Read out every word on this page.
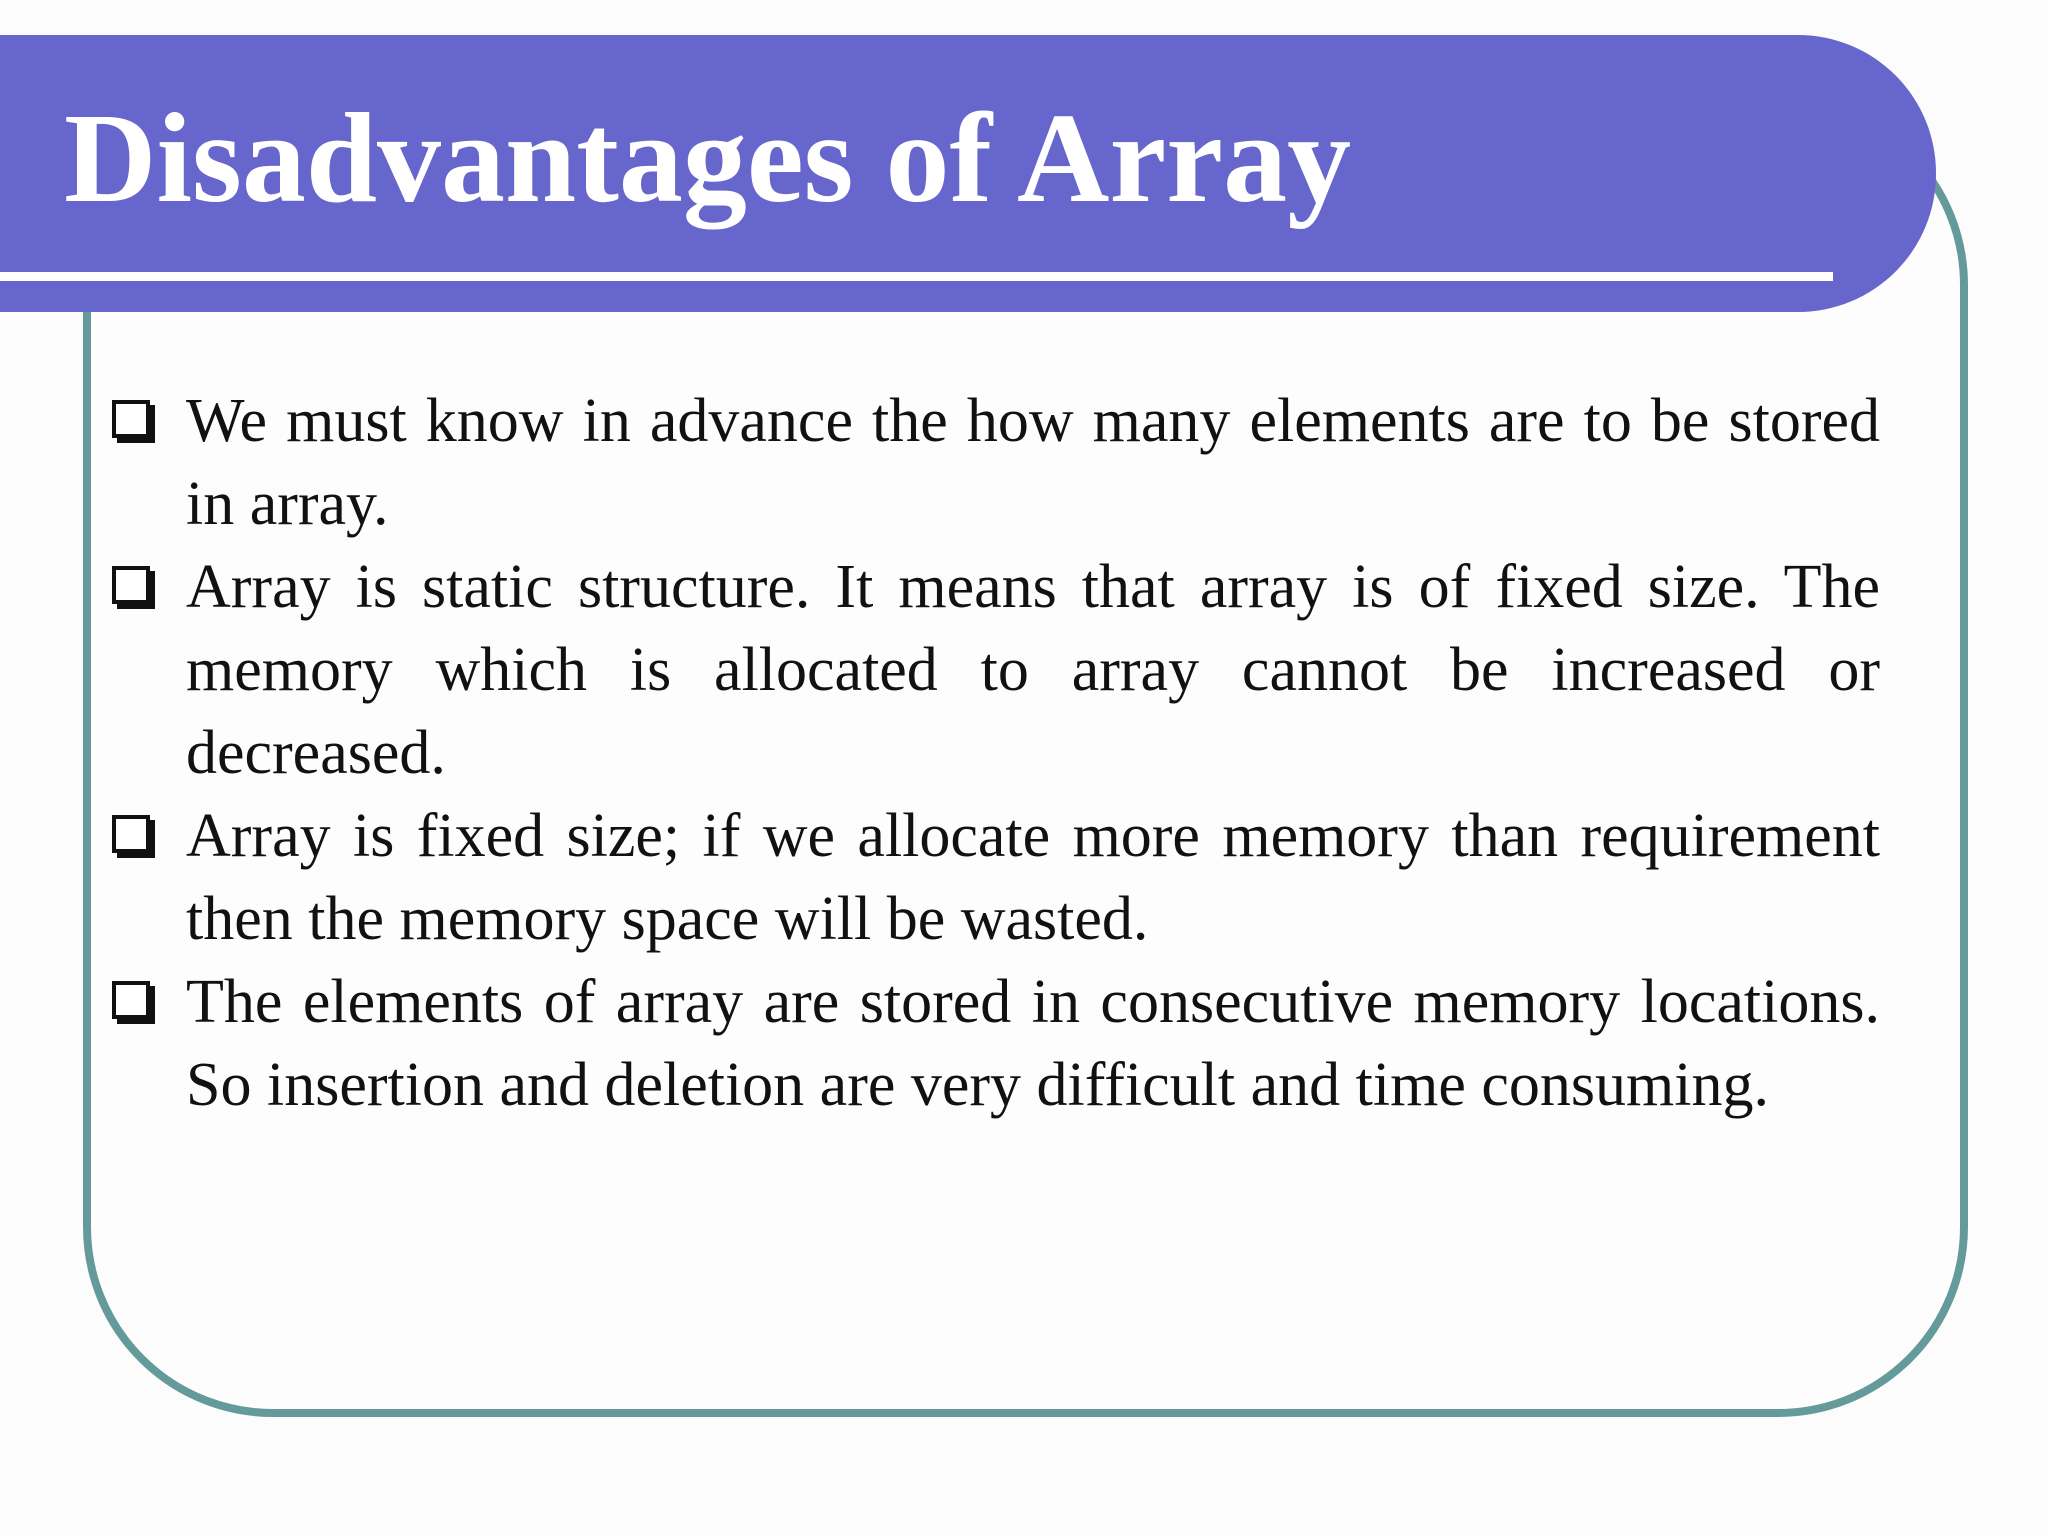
Disadvantages of Array
We must know in advance the how many elements are to be stored in array.
Array is static structure. It means that array is of fixed size. The memory which is allocated to array cannot be increased or decreased.
Array is fixed size; if we allocate more memory than requirement then the memory space will be wasted.
The elements of array are stored in consecutive memory locations. So insertion and deletion are very difficult and time consuming.
